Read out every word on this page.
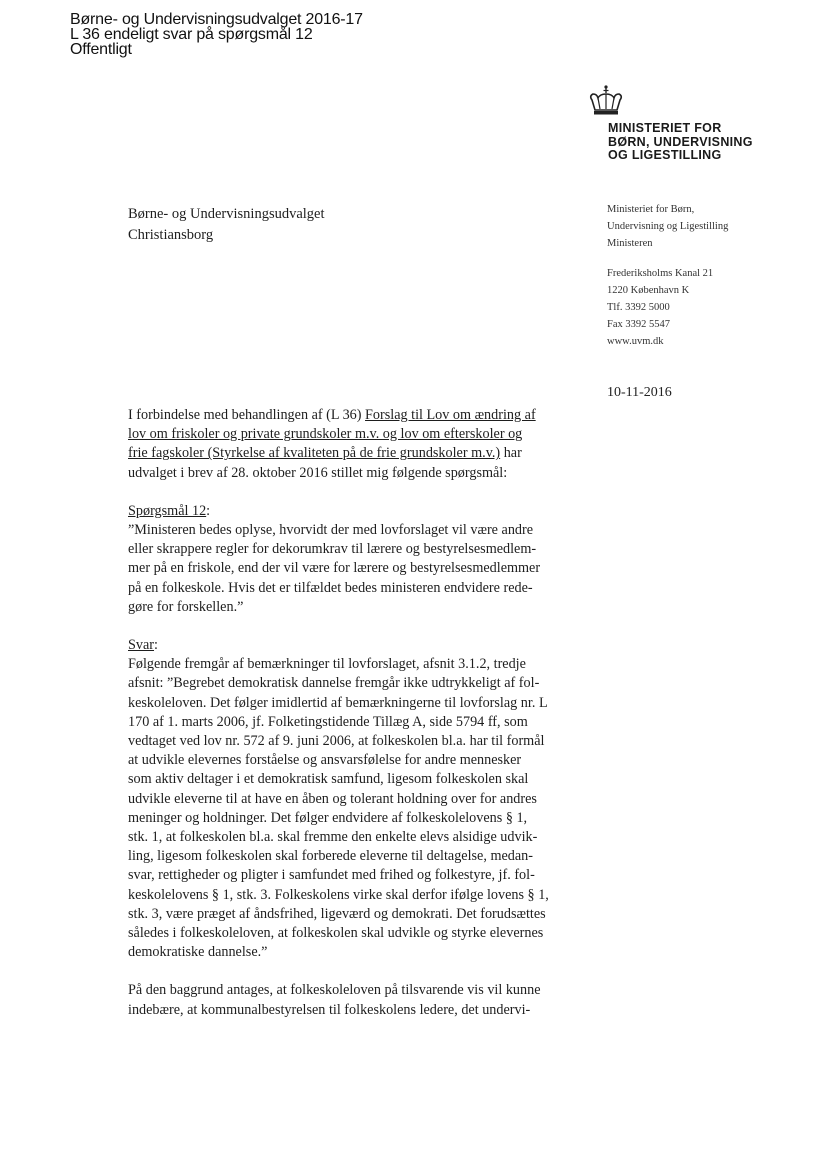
Børne- og Undervisningsudvalget 2016-17
L 36 endeligt svar på spørgsmål 12
Offentligt
MINISTERIET FOR
BØRN, UNDERVISNING
OG LIGESTILLING
Børne- og Undervisningsudvalget
Christiansborg
Ministeriet for Børn,
Undervisning og Ligestilling
Ministeren
Frederiksholms Kanal 21
1220 København K
Tlf. 3392 5000
Fax 3392 5547
www.uvm.dk
10-11-2016

I forbindelse med behandlingen af (L 36) Forslag til Lov om ændring af
lov om friskoler og private grundskoler m.v. og lov om efterskoler og
frie fagskoler (Styrkelse af kvaliteten på de frie grundskoler m.v.) har
udvalget i brev af 28. oktober 2016 stillet mig følgende spørgsmål:

Spørgsmål 12:
”Ministeren bedes oplyse, hvorvidt der med lovforslaget vil være andre
eller skrappere regler for dekorumkrav til lærere og bestyrelsesmedlem-
mer på en friskole, end der vil være for lærere og bestyrelsesmedlemmer
på en folkeskole. Hvis det er tilfældet bedes ministeren endvidere rede-
gøre for forskellen.”

Svar:
Følgende fremgår af bemærkninger til lovforslaget, afsnit 3.1.2, tredje
afsnit: ”Begrebet demokratisk dannelse fremgår ikke udtrykkeligt af fol-
keskoleloven. Det følger imidlertid af bemærkningerne til lovforslag nr. L
170 af 1. marts 2006, jf. Folketingstidende Tillæg A, side 5794 ff, som
vedtaget ved lov nr. 572 af 9. juni 2006, at folkeskolen bl.a. har til formål
at udvikle elevernes forståelse og ansvarsfølelse for andre mennesker
som aktiv deltager i et demokratisk samfund, ligesom folkeskolen skal
udvikle eleverne til at have en åben og tolerant holdning over for andres
meninger og holdninger. Det følger endvidere af folkeskolelovens § 1,
stk. 1, at folkeskolen bl.a. skal fremme den enkelte elevs alsidige udvik-
ling, ligesom folkeskolen skal forberede eleverne til deltagelse, medan-
svar, rettigheder og pligter i samfundet med frihed og folkestyre, jf. fol-
keskolelovens § 1, stk. 3. Folkeskolens virke skal derfor ifølge lovens § 1,
stk. 3, være præget af åndsfrihed, ligeværd og demokrati. Det forudsættes
således i folkeskoleloven, at folkeskolen skal udvikle og styrke elevernes
demokratiske dannelse.”

På den baggrund antages, at folkeskoleloven på tilsvarende vis vil kunne
indebære, at kommunalbestyrelsen til folkeskolens ledere, det undervi-
